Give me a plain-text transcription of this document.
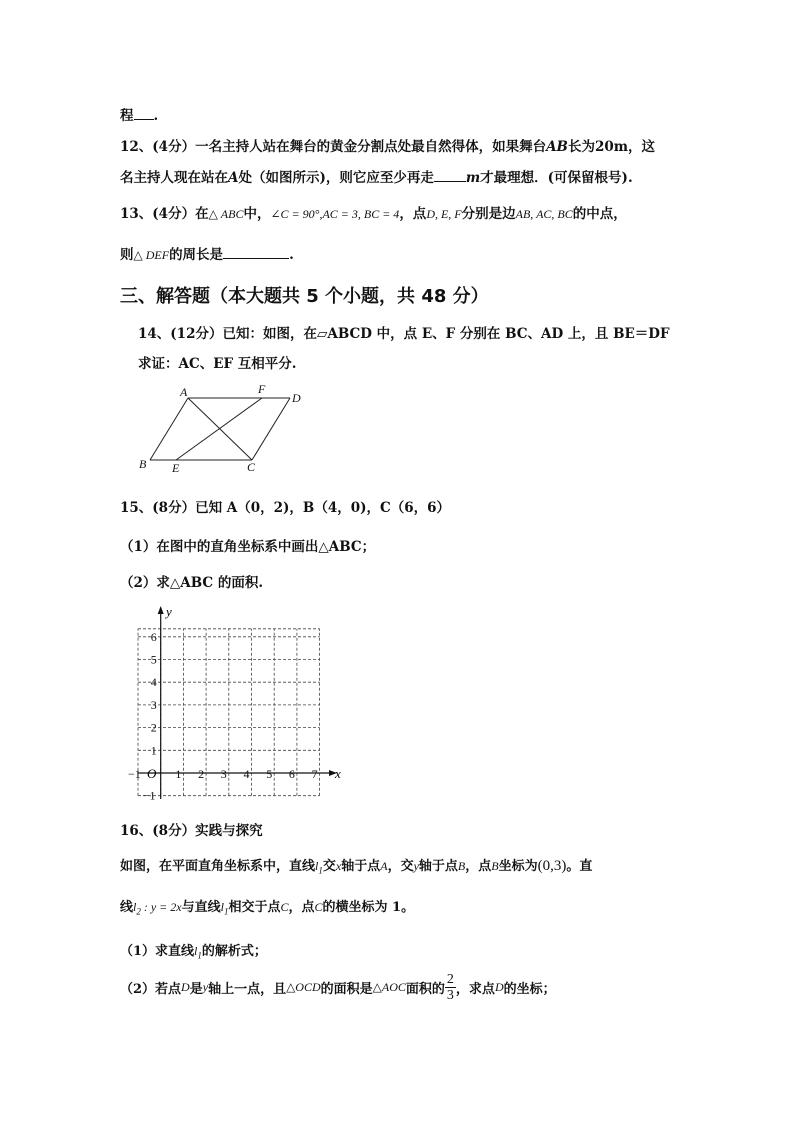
程 .
12、(4分）一名主持人站在舞台的黄金分割点处最自然得体，如果舞台AB长为20m，这
名主持人现在站在A处（如图所示)，则它应至少再走 m才最理想．(可保留根号).
13、(4分）在△ ABC中，∠C = 90°,AC = 3, BC = 4，点D, E, F分别是边AB, AC, BC的中点，
则△ DEF的周长是	.
三、解答题（本大题共 5 个小题，共 48 分）
14、(12分）已知：如图，在▱ABCD 中，点 E、F 分别在 BC、AD 上，且 BE＝DF
求证：AC、EF 互相平分.
A	F
D
B E	C
15、(8分）已知 A（0，2)，B（4，0)，C（6，6）
（1）在图中的直角坐标系中画出△ABC；
（2）求△ABC 的面积.
−1	1 2 3 4 5 6 7
6
5
4
3
2
1
−1
x
y
O
16、(8分）实践与探究
如图，在平面直角坐标系中，直线$l_1$交x轴于点A，交y轴于点B，点B坐标为(0,3)。直
线$l_2$ : y = 2x与直线$l_1$相交于点C，点C的横坐标为 1。
（1）求直线$l_1$的解析式；
（2）若点 D 是 y 轴上一点，且 △OCD 的面积是 △AOC 面积的 $\frac{2}{3}$ ，求点 D 的坐标；
